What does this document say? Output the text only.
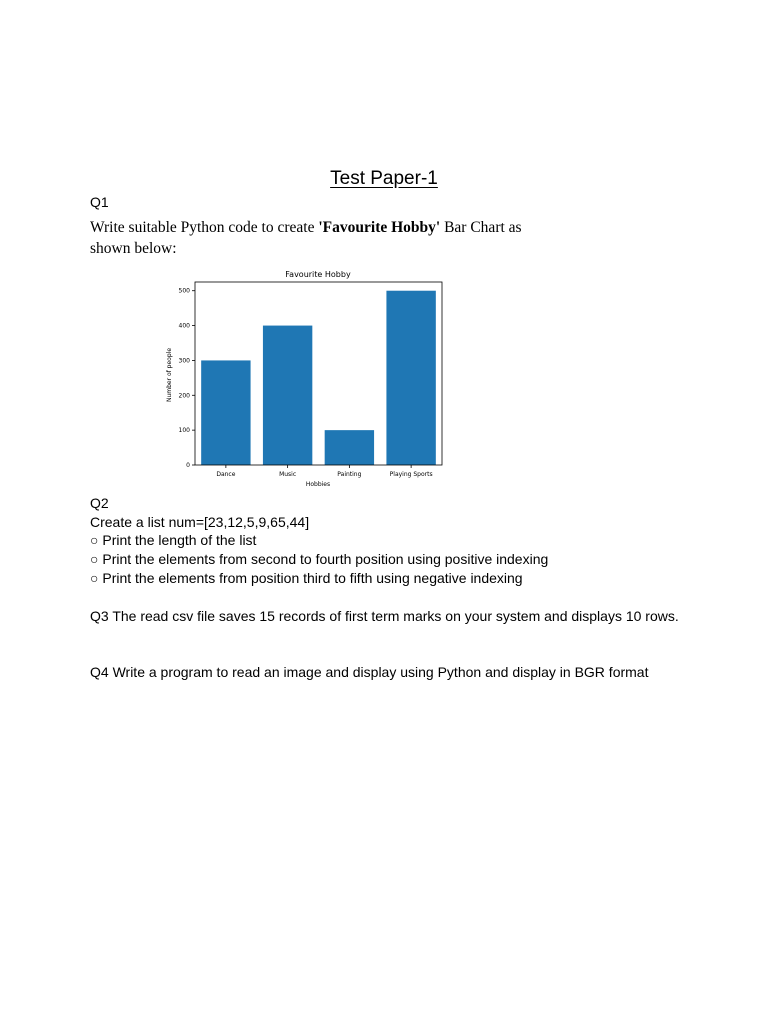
Test Paper-1
Q1
Write suitable Python code to create 'Favourite Hobby' Bar Chart as
shown below:
Favourite Hobby
0
100
200
300
400
500
Dance	Music	Painting	Playing Sports
Hobbies
Number of people
Q2
Create a list num=[23,12,5,9,65,44]
○ Print the length of the list
○ Print the elements from second to fourth position using positive indexing
○ Print the elements from position third to fifth using negative indexing
Q3 The read csv file saves 15 records of first term marks on your system and displays 10 rows.
Q4 Write a program to read an image and display using Python and display in BGR format
